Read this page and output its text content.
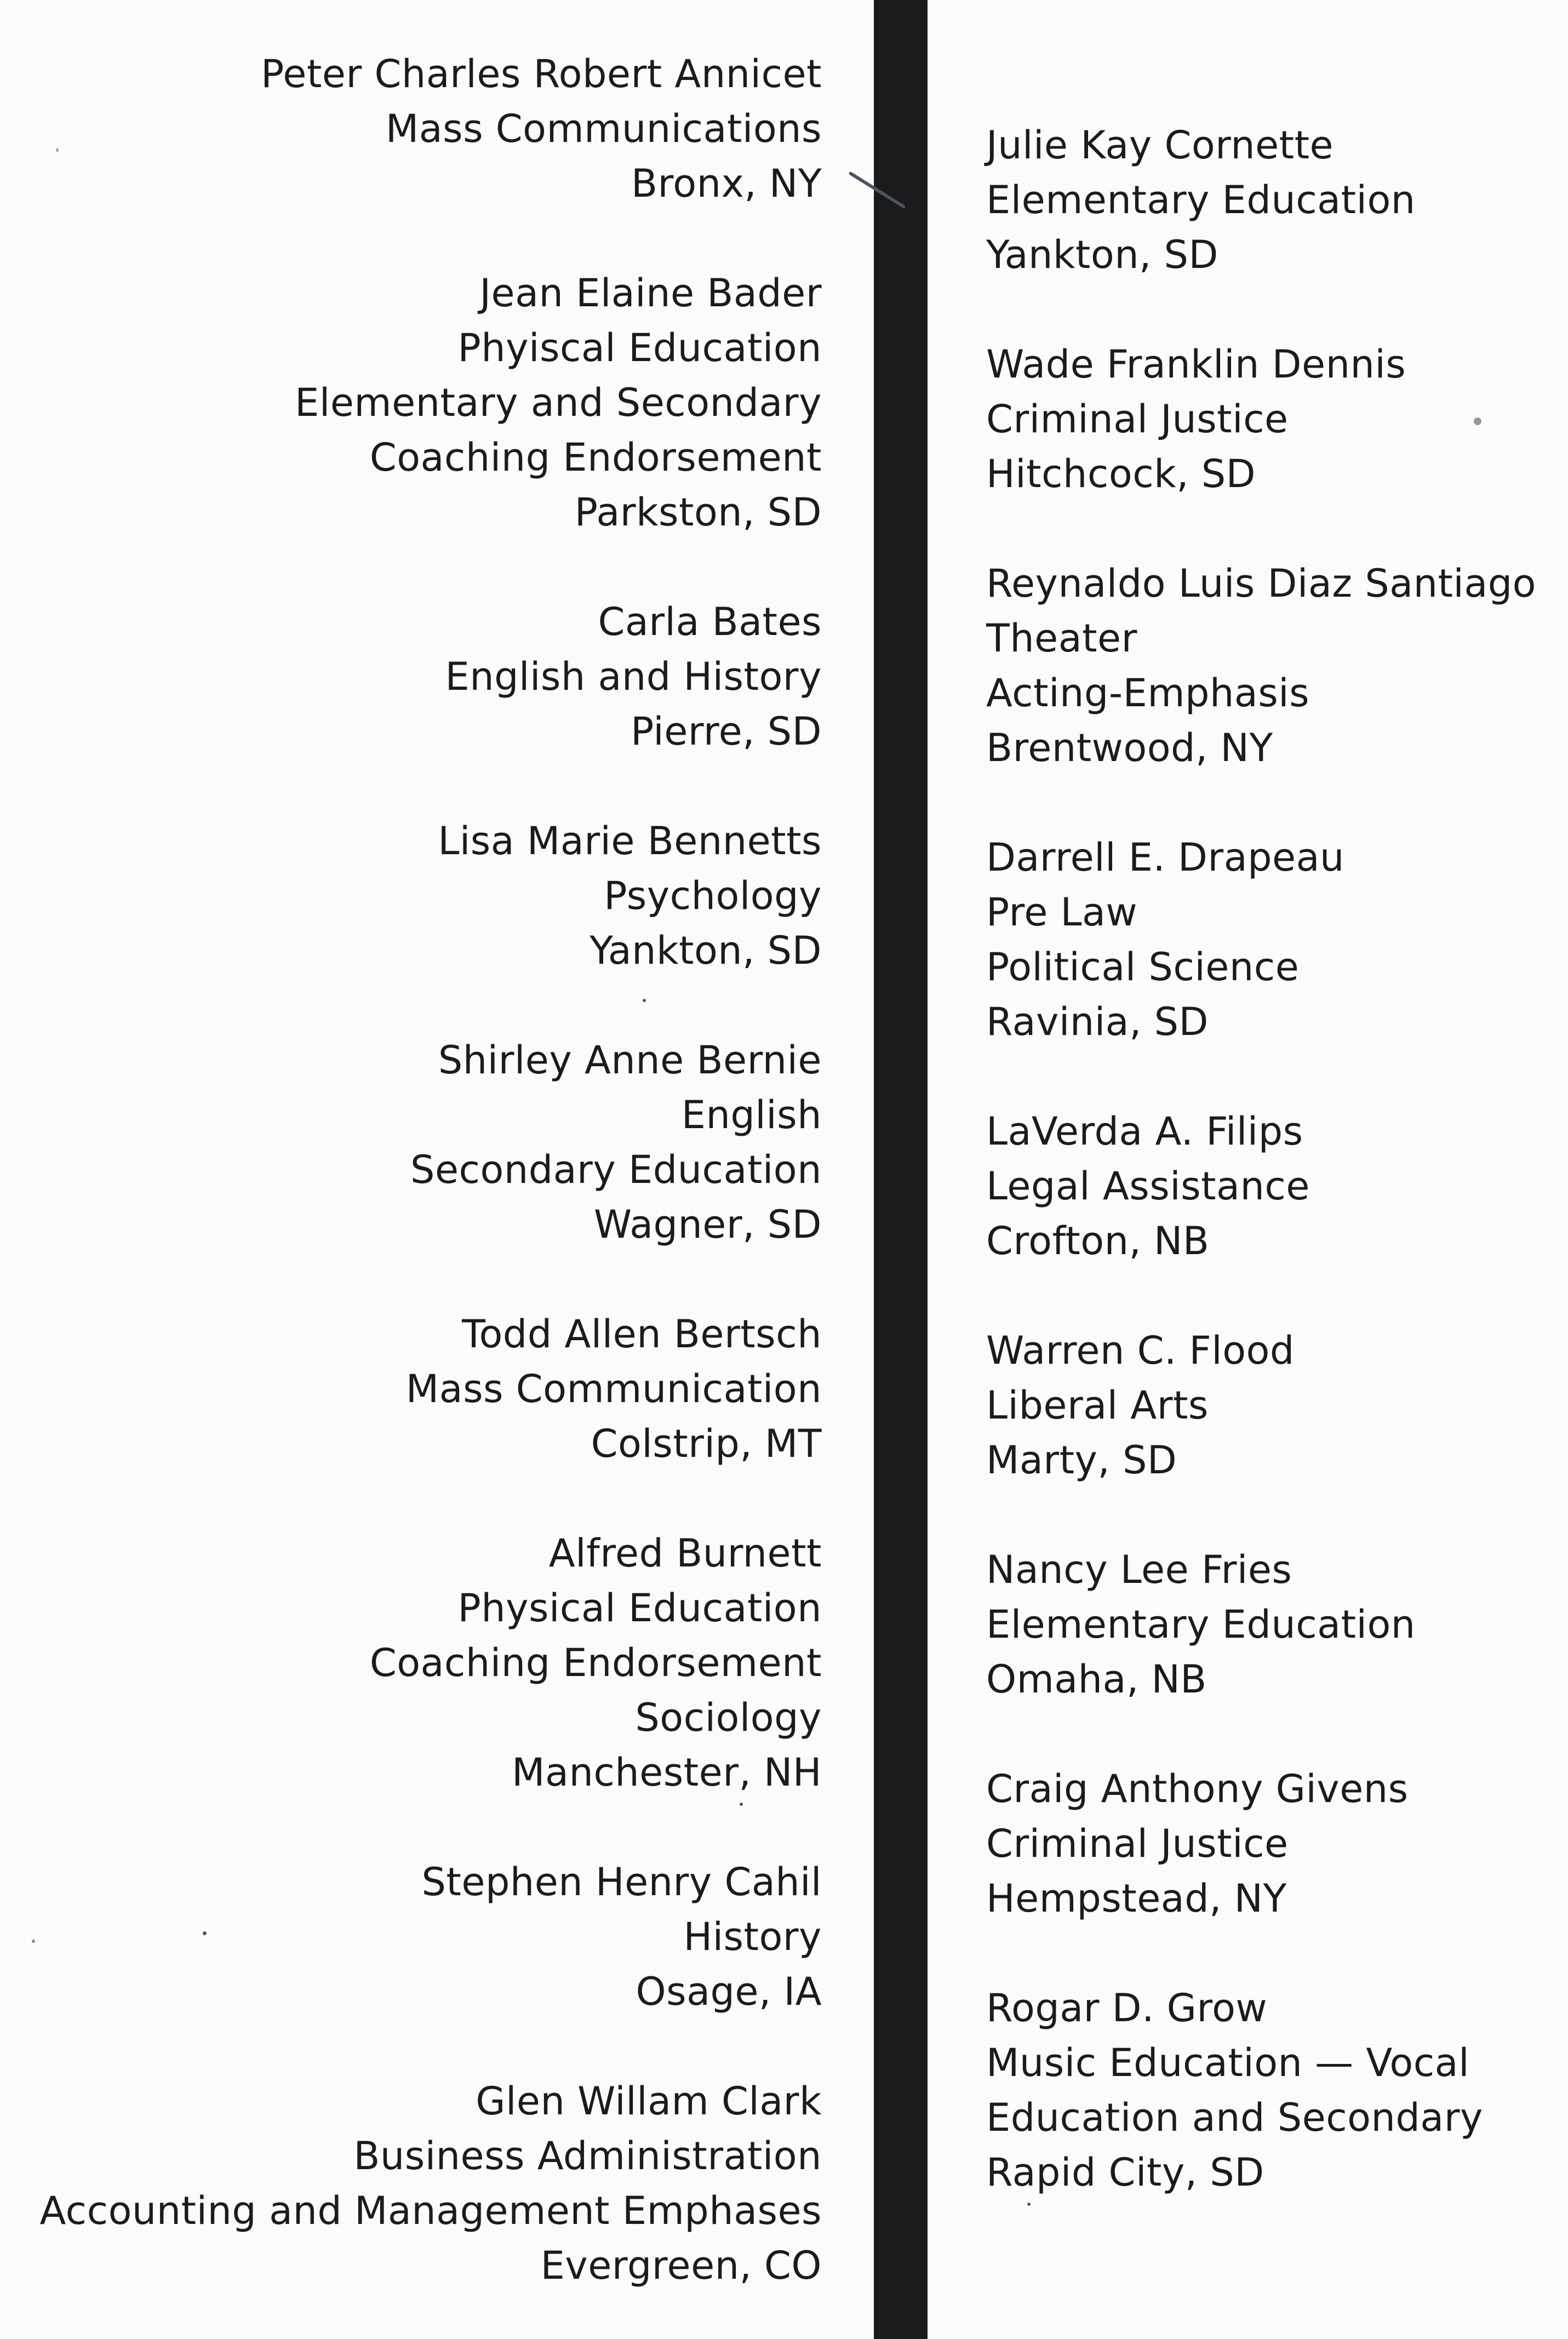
Peter Charles Robert Annicet
Mass Communications
Bronx, NY
Jean Elaine Bader
Phyiscal Education
Elementary and Secondary
Coaching Endorsement
Parkston, SD
Carla Bates
English and History
Pierre, SD
Lisa Marie Bennetts
Psychology
Yankton, SD
Shirley Anne Bernie
English
Secondary Education
Wagner, SD
Todd Allen Bertsch
Mass Communication
Colstrip, MT
Alfred Burnett
Physical Education
Coaching Endorsement
Sociology
Manchester, NH
Stephen Henry Cahil
History
Osage, IA
Glen Willam Clark
Business Administration
Accounting and Management Emphases
Evergreen, CO
Julie Kay Cornette
Elementary Education
Yankton, SD
Wade Franklin Dennis
Criminal Justice
Hitchcock, SD
Reynaldo Luis Diaz Santiago
Theater
Acting-Emphasis
Brentwood, NY
Darrell E. Drapeau
Pre Law
Political Science
Ravinia, SD
LaVerda A. Filips
Legal Assistance
Crofton, NB
Warren C. Flood
Liberal Arts
Marty, SD
Nancy Lee Fries
Elementary Education
Omaha, NB
Craig Anthony Givens
Criminal Justice
Hempstead, NY
Rogar D. Grow
Music Education — Vocal
Education and Secondary
Rapid City, SD
